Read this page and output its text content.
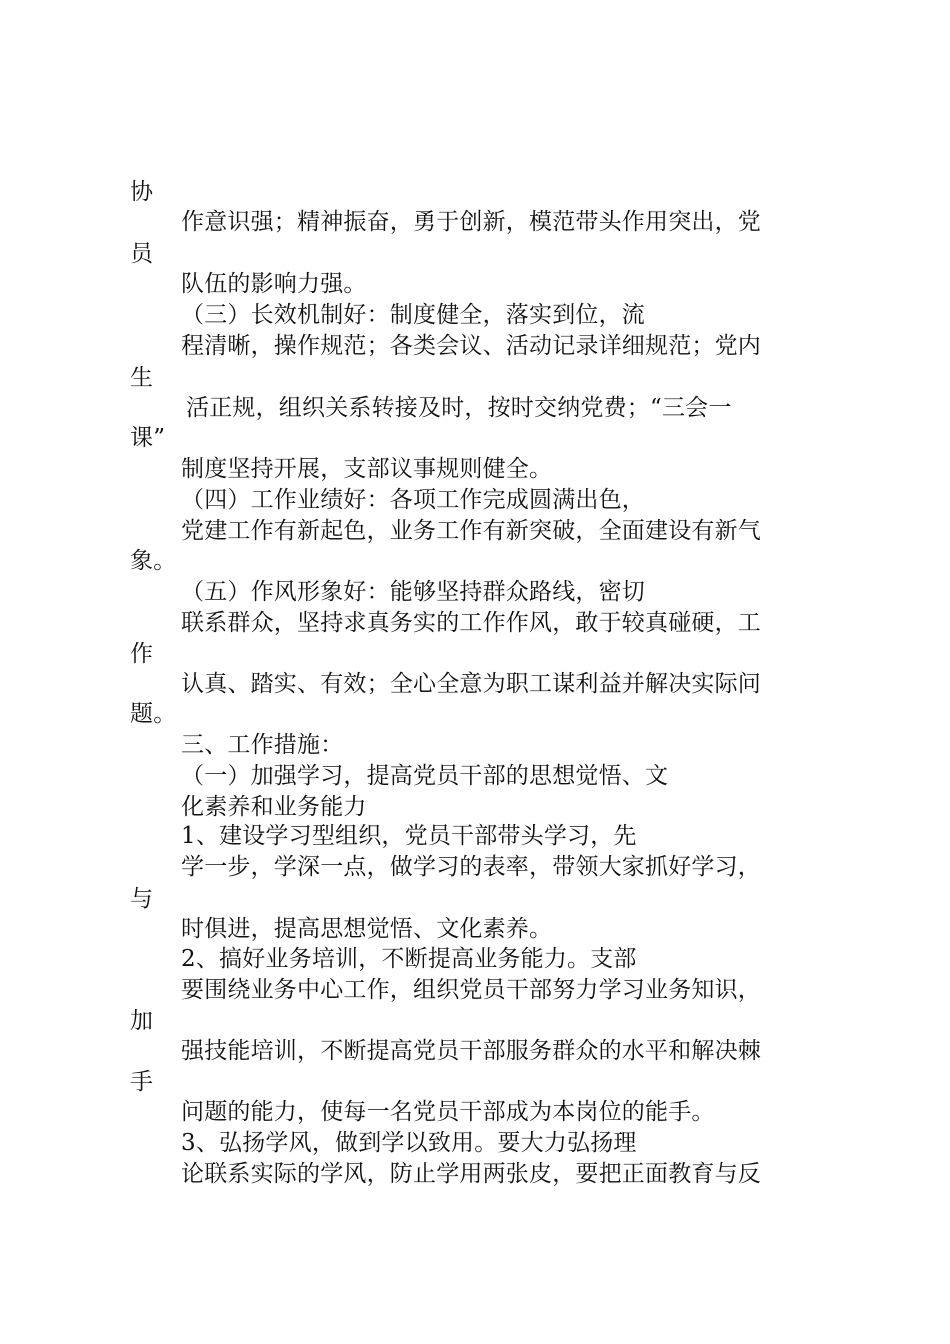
协
作意识强；精神振奋，勇于创新，模范带头作用突出，党
员
队伍的影响力强。
（三）长效机制好：制度健全，落实到位，流
程清晰，操作规范；各类会议、活动记录详细规范；党内
生
活正规，组织关系转接及时，按时交纳党费；“三会一
课”
制度坚持开展，支部议事规则健全。
（四）工作业绩好：各项工作完成圆满出色，
党建工作有新起色，业务工作有新突破，全面建设有新气
象。
（五）作风形象好：能够坚持群众路线，密切
联系群众，坚持求真务实的工作作风，敢于较真碰硬，工
作
认真、踏实、有效；全心全意为职工谋利益并解决实际问
题。
三、工作措施：
（一）加强学习，提高党员干部的思想觉悟、文
化素养和业务能力
1、建设学习型组织，党员干部带头学习，先
学一步，学深一点，做学习的表率，带领大家抓好学习，
与
时俱进，提高思想觉悟、文化素养。
2、搞好业务培训，不断提高业务能力。支部
要围绕业务中心工作，组织党员干部努力学习业务知识，
加
强技能培训，不断提高党员干部服务群众的水平和解决棘
手
问题的能力，使每一名党员干部成为本岗位的能手。
3、弘扬学风，做到学以致用。要大力弘扬理
论联系实际的学风，防止学用两张皮，要把正面教育与反
